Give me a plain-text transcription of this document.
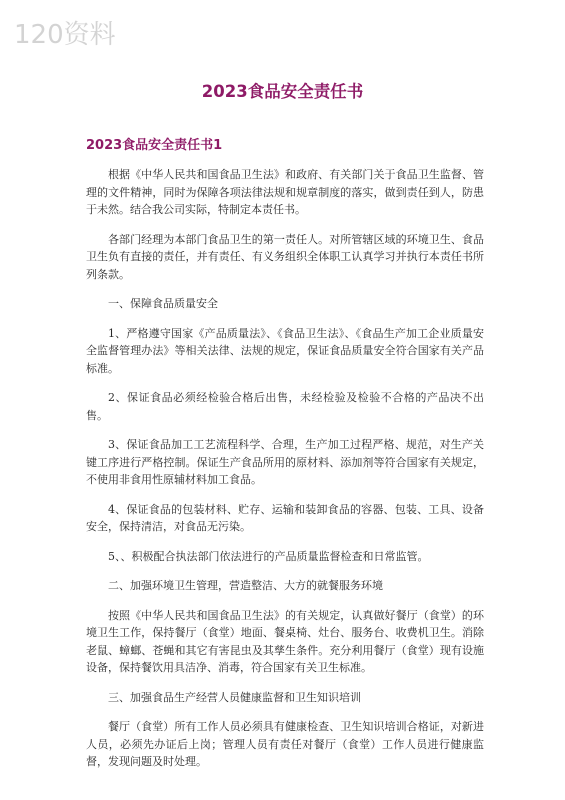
120资料
2023食品安全责任书
2023食品安全责任书1

根据《中华人民共和国食品卫生法》和政府、有关部门关于食品卫生监督、管理的文件精神，同时为保障各项法律法规和规章制度的落实，做到责任到人，防患于未然。结合我公司实际，特制定本责任书。

各部门经理为本部门食品卫生的第一责任人。对所管辖区域的环境卫生、食品卫生负有直接的责任，并有责任、有义务组织全体职工认真学习并执行本责任书所列条款。

一、保障食品质量安全

1、严格遵守国家《产品质量法》、《食品卫生法》、《食品生产加工企业质量安全监督管理办法》等相关法律、法规的规定，保证食品质量安全符合国家有关产品标准。

2、保证食品必须经检验合格后出售，未经检验及检验不合格的产品决不出售。

3、保证食品加工工艺流程科学、合理，生产加工过程严格、规范，对生产关键工序进行严格控制。保证生产食品所用的原材料、添加剂等符合国家有关规定，不使用非食用性原辅材料加工食品。

4、保证食品的包装材料、贮存、运输和装卸食品的容器、包装、工具、设备安全，保持清洁，对食品无污染。

5、、积极配合执法部门依法进行的产品质量监督检查和日常监管。

二、加强环境卫生管理，营造整洁、大方的就餐服务环境

按照《中华人民共和国食品卫生法》的有关规定，认真做好餐厅（食堂）的环境卫生工作，保持餐厅（食堂）地面、餐桌椅、灶台、服务台、收费机卫生。消除老鼠、蟑螂、苍蝇和其它有害昆虫及其孳生条件。充分利用餐厅（食堂）现有设施设备，保持餐饮用具洁净、消毒，符合国家有关卫生标准。

三、加强食品生产经营人员健康监督和卫生知识培训

餐厅（食堂）所有工作人员必须具有健康检查、卫生知识培训合格证，对新进人员，必须先办证后上岗；管理人员有责任对餐厅（食堂）工作人员进行健康监督，发现问题及时处理。
